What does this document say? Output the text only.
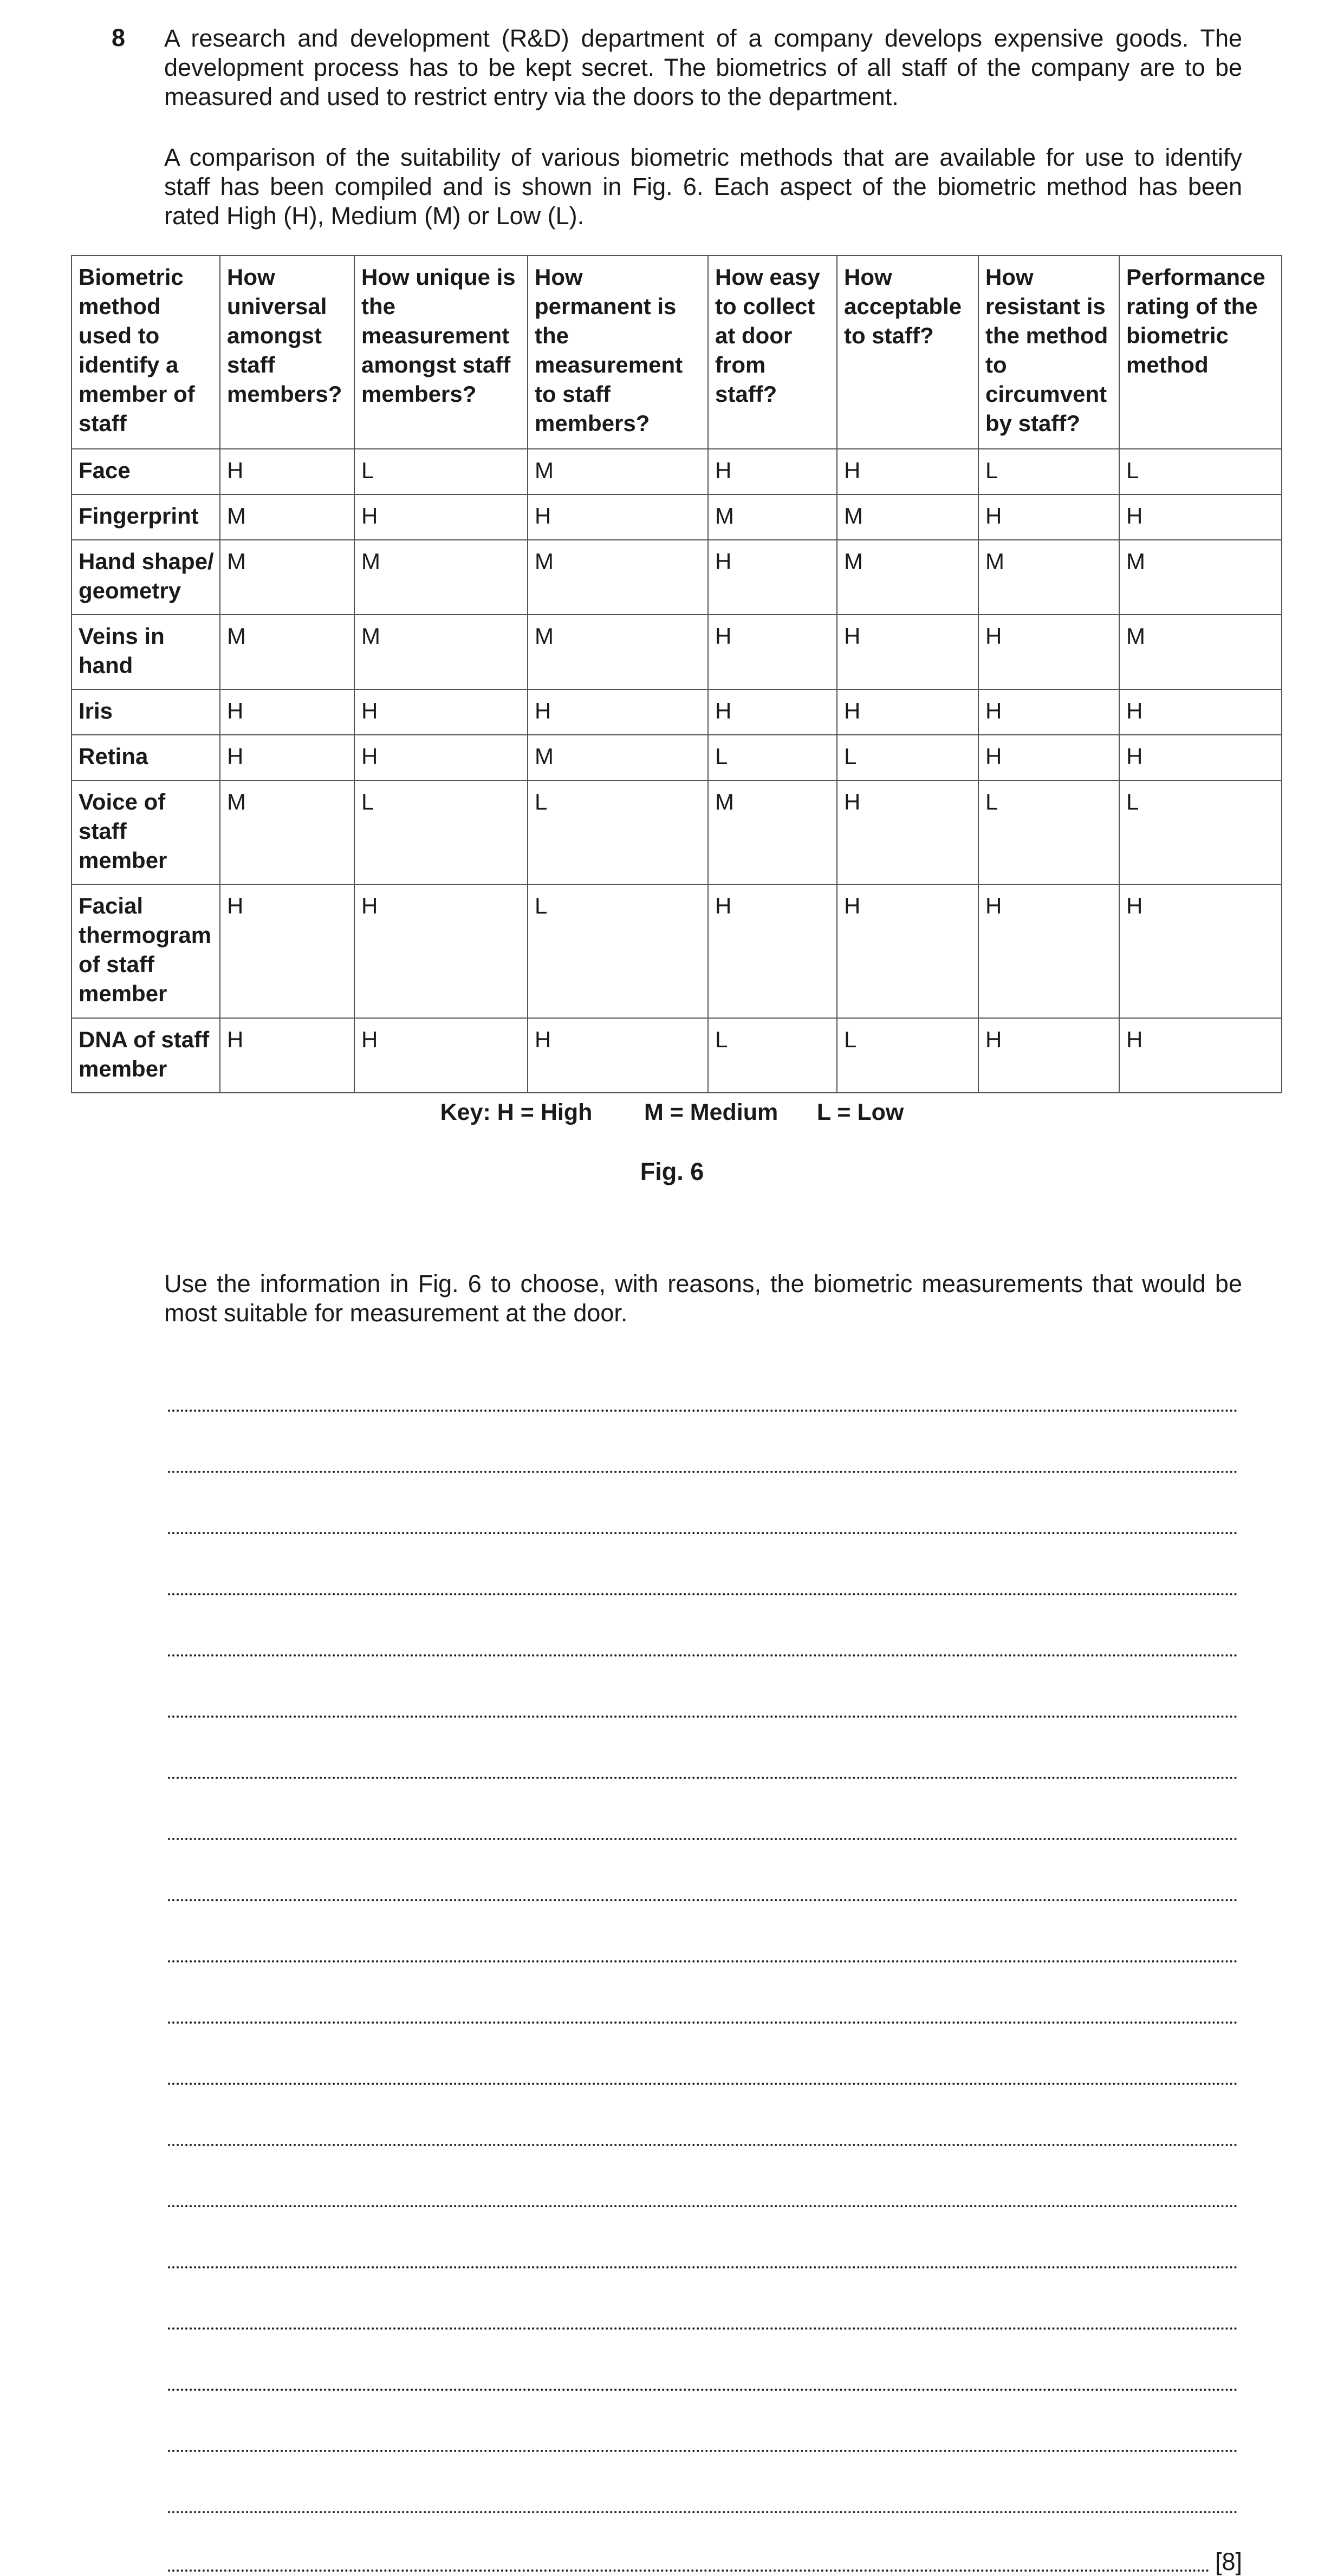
8 A research and development (R&D) department of a company develops expensive goods. The development process has to be kept secret. The biometrics of all staff of the company are to be measured and used to restrict entry via the doors to the department.

A comparison of the suitability of various biometric methods that are available for use to identify staff has been compiled and is shown in Fig. 6. Each aspect of the biometric method has been rated High (H), Medium (M) or Low (L).

Biometric method used to identify a member of staff	How universal amongst staff members?	How unique is the measurement amongst staff members?	How permanent is the measurement to staff members?	How easy to collect at door from staff?	How acceptable to staff?	How resistant is the method to circumvent by staff?	Performance rating of the biometric method
Face	H	L	M	H	H	L	L
Fingerprint	M	H	H	M	M	H	H
Hand shape/ geometry	M	M	M	H	M	M	M
Veins in hand	M	M	M	H	H	H	M
Iris	H	H	H	H	H	H	H
Retina	H	H	M	L	L	H	H
Voice of staff member	M	L	L	M	H	L	L
Facial thermogram of staff member	H	H	L	H	H	H	H
DNA of staff member	H	H	H	L	L	H	H
Key: H = High M = Medium L = Low
Fig. 6

Use the information in Fig. 6 to choose, with reasons, the biometric measurements that would be most suitable for measurement at the door.

[8]
